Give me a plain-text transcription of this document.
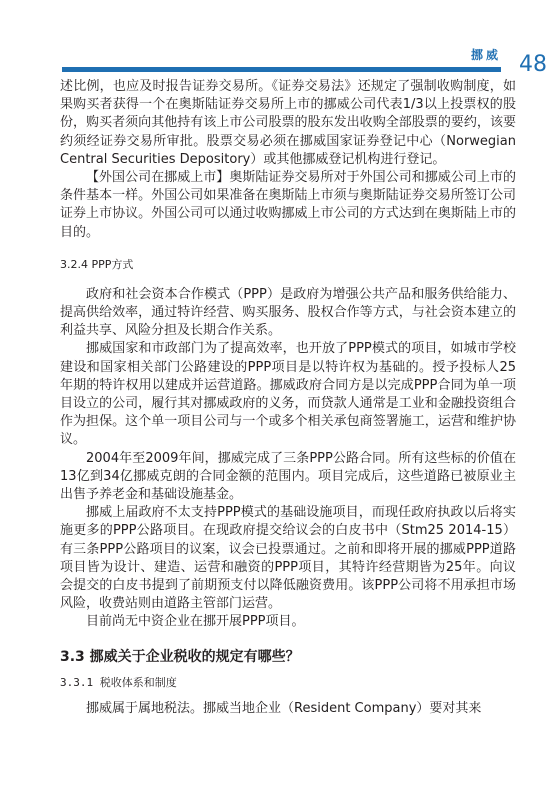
挪威 48

述比例，也应及时报告证券交易所。《证券交易法》还规定了强制收购制度，如果购买者获得一个在奥斯陆证券交易所上市的挪威公司代表1/3以上投票权的股份，购买者须向其他持有该上市公司股票的股东发出收购全部股票的要约，该要约须经证券交易所审批。股票交易必须在挪威国家证券登记中心（Norwegian Central Securities Depository）或其他挪威登记机构进行登记。

【外国公司在挪威上市】奥斯陆证券交易所对于外国公司和挪威公司上市的条件基本一样。外国公司如果准备在奥斯陆上市须与奥斯陆证券交易所签订公司证券上市协议。外国公司可以通过收购挪威上市公司的方式达到在奥斯陆上市的目的。

3.2.4 PPP方式

政府和社会资本合作模式（PPP）是政府为增强公共产品和服务供给能力、提高供给效率，通过特许经营、购买服务、股权合作等方式，与社会资本建立的利益共享、风险分担及长期合作关系。

挪威国家和市政部门为了提高效率，也开放了PPP模式的项目，如城市学校建设和国家相关部门公路建设的PPP项目是以特许权为基础的。授予投标人25年期的特许权用以建成并运营道路。挪威政府合同方是以完成PPP合同为单一项目设立的公司，履行其对挪威政府的义务，而贷款人通常是工业和金融投资组合作为担保。这个单一项目公司与一个或多个相关承包商签署施工，运营和维护协议。

2004年至2009年间，挪威完成了三条PPP公路合同。所有这些标的价值在13亿到34亿挪威克朗的合同金额的范围内。项目完成后，这些道路已被原业主出售予养老金和基础设施基金。

挪威上届政府不太支持PPP模式的基础设施项目，而现任政府执政以后将实施更多的PPP公路项目。在现政府提交给议会的白皮书中（Stm25 2014-15）有三条PPP公路项目的议案，议会已投票通过。之前和即将开展的挪威PPP道路项目皆为设计、建造、运营和融资的PPP项目，其特许经营期皆为25年。向议会提交的白皮书提到了前期预支付以降低融资费用。该PPP公司将不用承担市场风险，收费站则由道路主管部门运营。

目前尚无中资企业在挪开展PPP项目。

3.3 挪威关于企业税收的规定有哪些？
3.3.1 税收体系和制度

挪威属于属地税法。挪威当地企业（Resident Company）要对其来
